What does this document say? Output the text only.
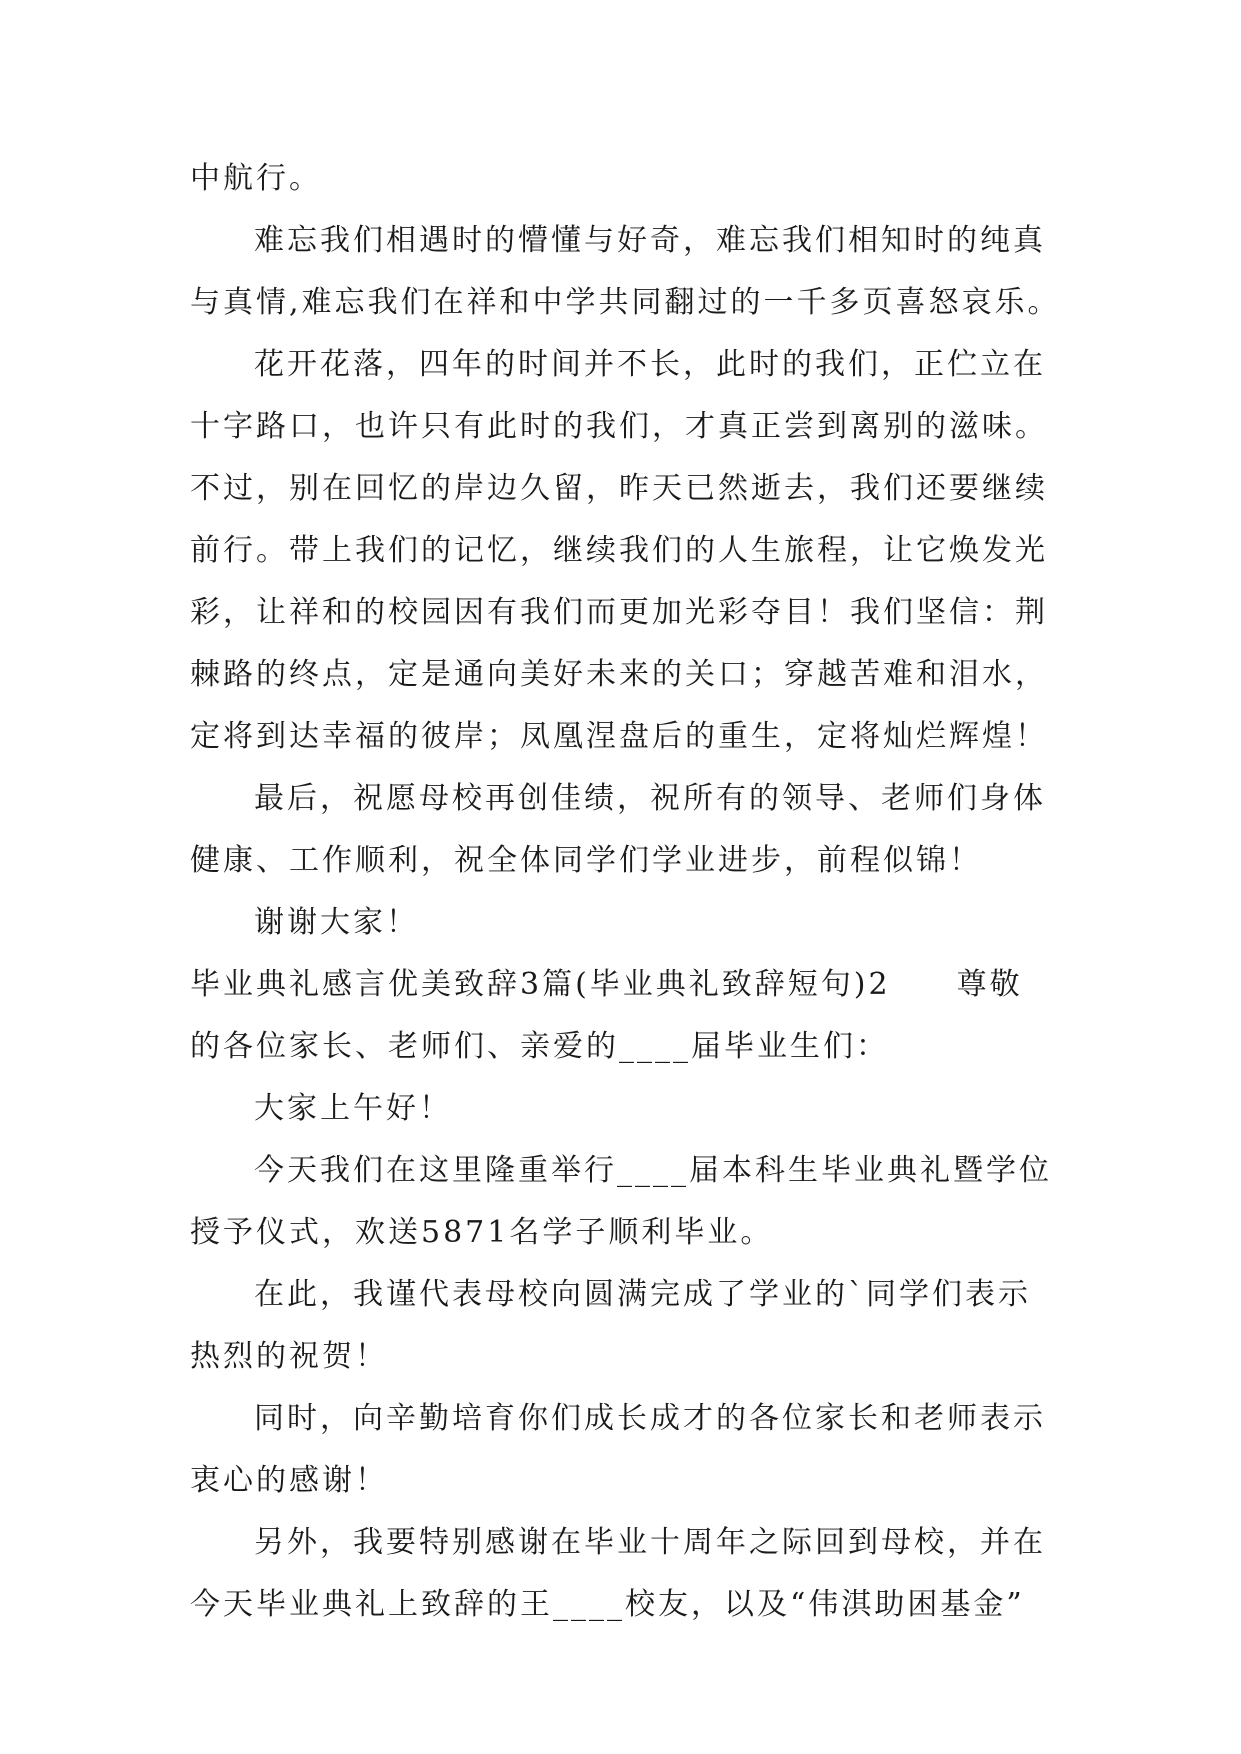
中航行。
难忘我们相遇时的懵懂与好奇，难忘我们相知时的纯真
与真情,难忘我们在祥和中学共同翻过的一千多页喜怒哀乐。
花开花落，四年的时间并不长，此时的我们，正伫立在
十字路口，也许只有此时的我们，才真正尝到离别的滋味。
不过，别在回忆的岸边久留，昨天已然逝去，我们还要继续
前行。带上我们的记忆，继续我们的人生旅程，让它焕发光
彩，让祥和的校园因有我们而更加光彩夺目！我们坚信：荆
棘路的终点，定是通向美好未来的关口；穿越苦难和泪水，
定将到达幸福的彼岸；凤凰涅盘后的重生，定将灿烂辉煌！
最后，祝愿母校再创佳绩，祝所有的领导、老师们身体
健康、工作顺利，祝全体同学们学业进步，前程似锦！
谢谢大家！
毕业典礼感言优美致辞3篇(毕业典礼致辞短句)2　　尊敬
的各位家长、老师们、亲爱的____届毕业生们：
大家上午好！
今天我们在这里隆重举行____届本科生毕业典礼暨学位
授予仪式，欢送5871名学子顺利毕业。
在此，我谨代表母校向圆满完成了学业的`同学们表示
热烈的祝贺！
同时，向辛勤培育你们成长成才的各位家长和老师表示
衷心的感谢！
另外，我要特别感谢在毕业十周年之际回到母校，并在
今天毕业典礼上致辞的王____校友，以及“伟淇助困基金”
